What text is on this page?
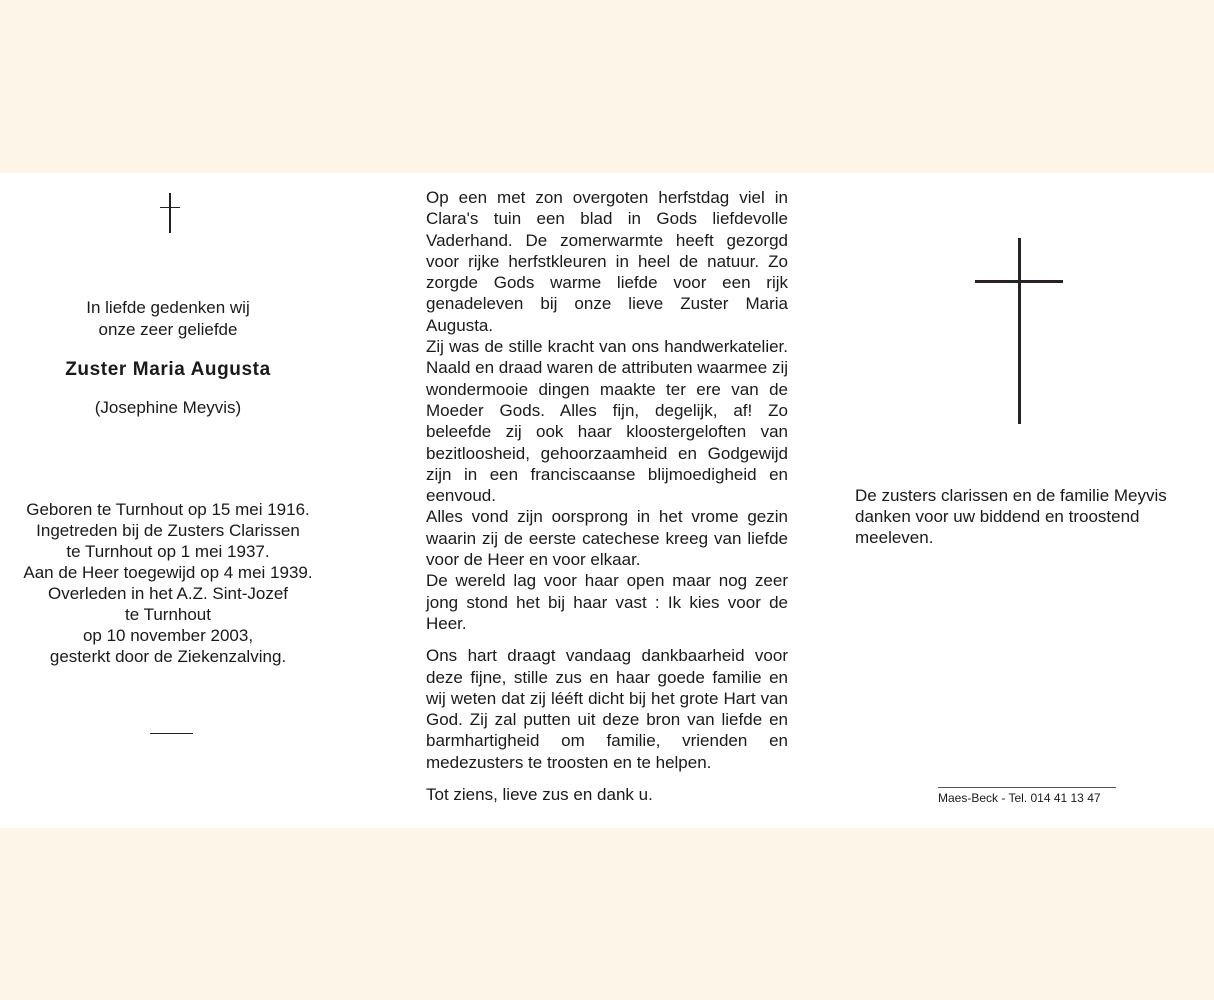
In liefde gedenken wij
onze zeer geliefde
Zuster Maria Augusta
(Josephine Meyvis)
Geboren te Turnhout op 15 mei 1916.
Ingetreden bij de Zusters Clarissen
te Turnhout op 1 mei 1937.
Aan de Heer toegewijd op 4 mei 1939.
Overleden in het A.Z. Sint-Jozef
te Turnhout
op 10 november 2003,
gesterkt door de Ziekenzalving.

Op een met zon overgoten herfstdag viel in Clara's tuin een blad in Gods liefdevolle Vaderhand. De zomerwarmte heeft gezorgd voor rijke herfstkleuren in heel de natuur. Zo zorgde Gods warme liefde voor een rijk genadeleven bij onze lieve Zuster Maria Augusta.

Zij was de stille kracht van ons handwerkatelier. Naald en draad waren de attributen waarmee zij wondermooie dingen maakte ter ere van de Moeder Gods. Alles fijn, degelijk, af! Zo beleefde zij ook haar kloostergeloften van bezitloosheid, gehoorzaamheid en Godgewijd zijn in een franciscaanse blijmoedigheid en eenvoud.

Alles vond zijn oorsprong in het vrome gezin waarin zij de eerste catechese kreeg van liefde voor de Heer en voor elkaar.

De wereld lag voor haar open maar nog zeer jong stond het bij haar vast : Ik kies voor de Heer.

Ons hart draagt vandaag dankbaarheid voor deze fijne, stille zus en haar goede familie en wij weten dat zij lééft dicht bij het grote Hart van God. Zij zal putten uit deze bron van liefde en barmhartigheid om familie, vrienden en medezusters te troosten en te helpen.

Tot ziens, lieve zus en dank u.

De zusters clarissen en de familie Meyvis danken voor uw biddend en troostend meeleven.
Maes-Beck - Tel. 014 41 13 47
